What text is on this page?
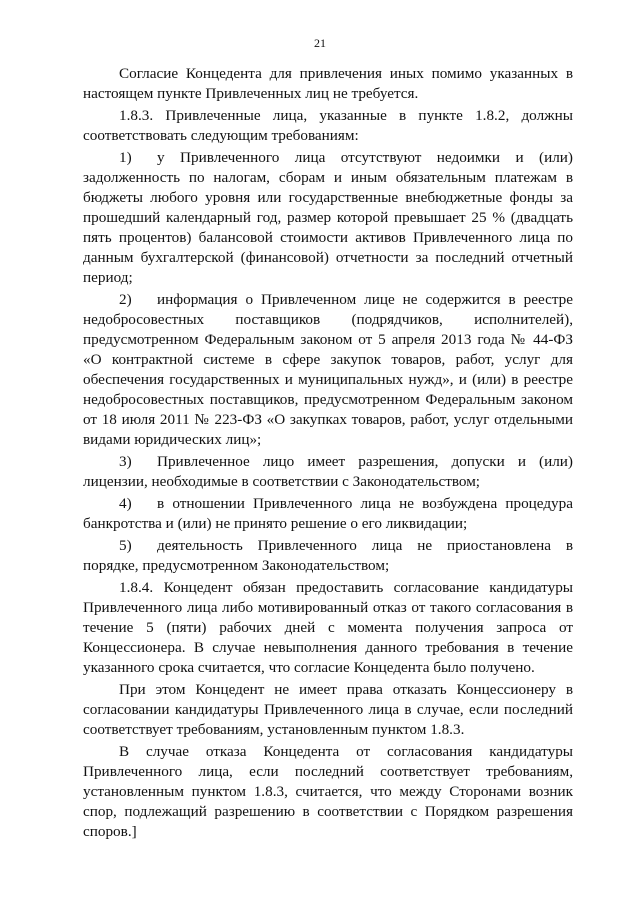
21

Согласие Концедента для привлечения иных помимо указанных в настоящем пункте Привлеченных лиц не требуется.

1.8.3. Привлеченные лица, указанные в пункте 1.8.2, должны соответствовать следующим требованиям:

1) у Привлеченного лица отсутствуют недоимки и (или) задолженность по налогам, сборам и иным обязательным платежам в бюджеты любого уровня или государственные внебюджетные фонды за прошедший календарный год, размер которой превышает 25 % (двадцать пять процентов) балансовой стоимости активов Привлеченного лица по данным бухгалтерской (финансовой) отчетности за последний отчетный период;

2) информация о Привлеченном лице не содержится в реестре недобросовестных поставщиков (подрядчиков, исполнителей), предусмотренном Федеральным законом от 5 апреля 2013 года № 44-ФЗ «О контрактной системе в сфере закупок товаров, работ, услуг для обеспечения государственных и муниципальных нужд», и (или) в реестре недобросовестных поставщиков, предусмотренном Федеральным законом от 18 июля 2011 № 223-ФЗ «О закупках товаров, работ, услуг отдельными видами юридических лиц»;

3) Привлеченное лицо имеет разрешения, допуски и (или) лицензии, необходимые в соответствии с Законодательством;

4) в отношении Привлеченного лица не возбуждена процедура банкротства и (или) не принято решение о его ликвидации;

5) деятельность Привлеченного лица не приостановлена в порядке, предусмотренном Законодательством;

1.8.4. Концедент обязан предоставить согласование кандидатуры Привлеченного лица либо мотивированный отказ от такого согласования в течение 5 (пяти) рабочих дней с момента получения запроса от Концессионера. В случае невыполнения данного требования в течение указанного срока считается, что согласие Концедента было получено.

При этом Концедент не имеет права отказать Концессионеру в согласовании кандидатуры Привлеченного лица в случае, если последний соответствует требованиям, установленным пунктом 1.8.3.

В случае отказа Концедента от согласования кандидатуры Привлеченного лица, если последний соответствует требованиям, установленным пунктом 1.8.3, считается, что между Сторонами возник спор, подлежащий разрешению в соответствии с Порядком разрешения споров.]
